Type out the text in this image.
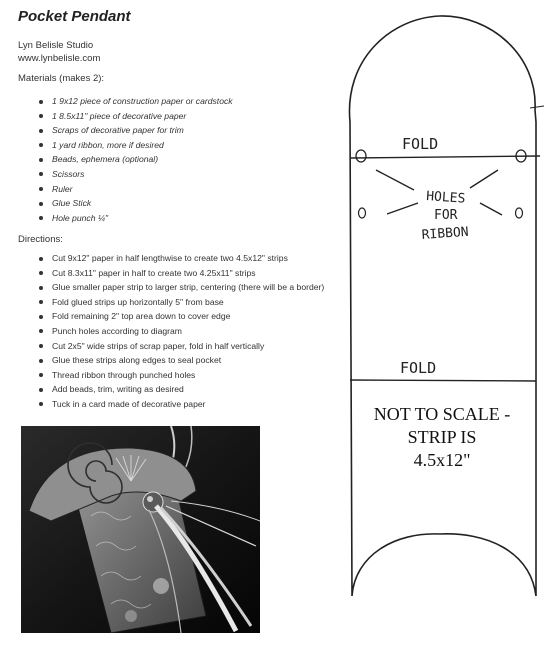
Pocket Pendant
Lyn Belisle Studio
www.lynbelisle.com
Materials (makes 2):
1 9x12 piece of construction paper or cardstock
1 8.5x11" piece of decorative paper
Scraps of decorative paper for trim
1 yard ribbon, more if desired
Beads, ephemera (optional)
Scissors
Ruler
Glue Stick
Hole punch ¼"
Directions:
Cut 9x12" paper in half lengthwise to create two 4.5x12" strips
Cut 8.3x11" paper in half to create two 4.25x11" strips
Glue smaller paper strip to larger strip, centering (there will be a border)
Fold glued strips up horizontally 5" from base
Fold remaining 2" top area down to cover edge
Punch holes according to diagram
Cut 2x5" wide strips of scrap paper, fold in half vertically
Glue these strips along edges to seal pocket
Thread ribbon through punched holes
Add beads, trim, writing as desired
Tuck in a card made of decorative paper
FOLD
HOLES
FOR
RIBBON
FOLD
NOT TO SCALE -
STRIP IS
4.5x12"
